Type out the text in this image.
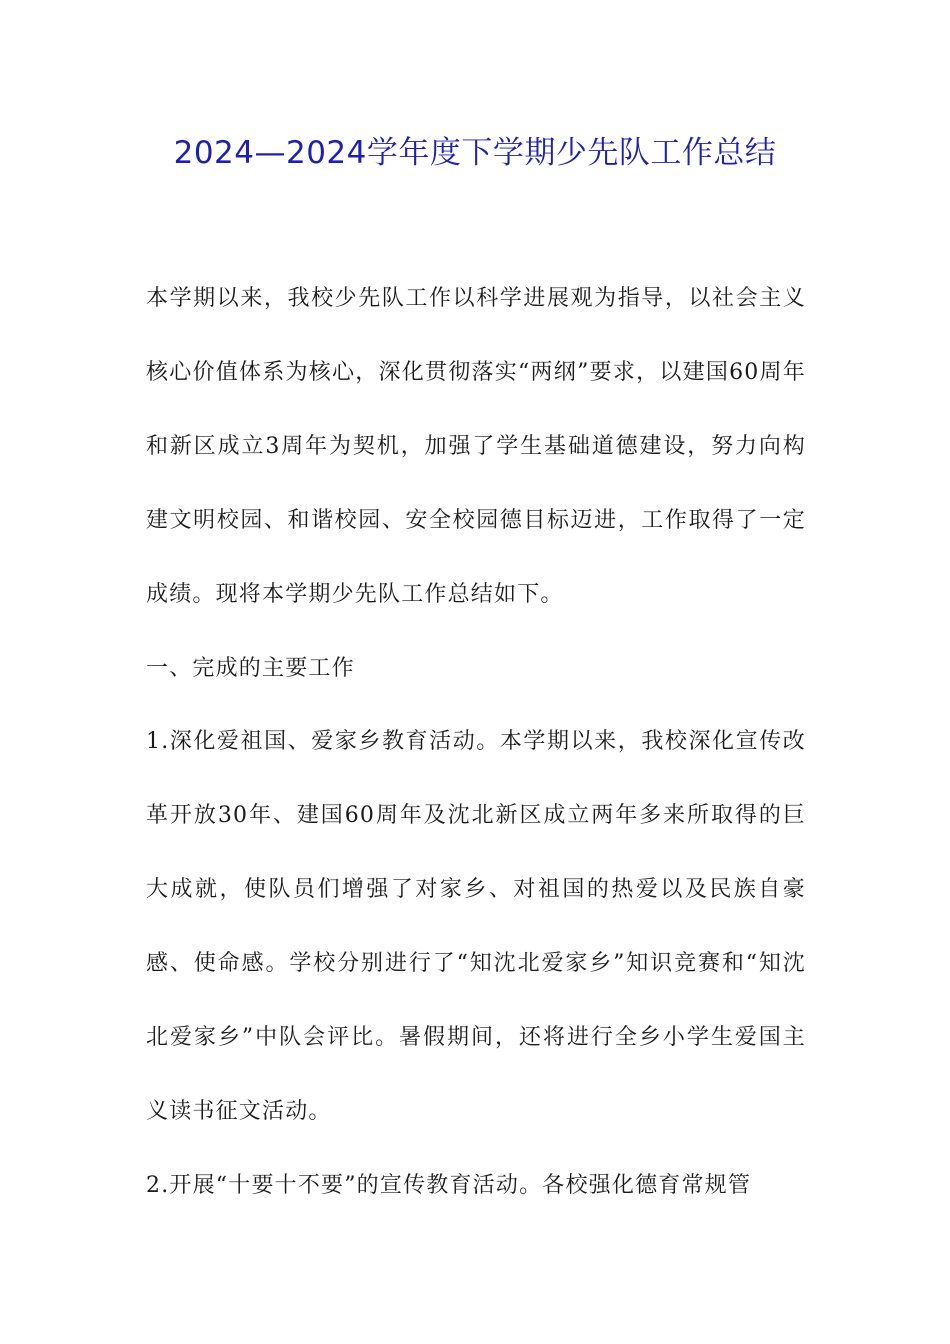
2024—2024学年度下学期少先队工作总结

本学期以来，我校少先队工作以科学进展观为指导，以社会主义核心价值体系为核心，深化贯彻落实“两纲”要求，以建国60周年和新区成立3周年为契机，加强了学生基础道德建设，努力向构建文明校园、和谐校园、安全校园德目标迈进，工作取得了一定成绩。现将本学期少先队工作总结如下。

一、完成的主要工作

1.深化爱祖国、爱家乡教育活动。本学期以来，我校深化宣传改革开放30年、建国60周年及沈北新区成立两年多来所取得的巨大成就，使队员们增强了对家乡、对祖国的热爱以及民族自豪感、使命感。学校分别进行了“知沈北爱家乡”知识竞赛和“知沈北爱家乡”中队会评比。暑假期间，还将进行全乡小学生爱国主义读书征文活动。

2.开展“十要十不要”的宣传教育活动。各校强化德育常规管
